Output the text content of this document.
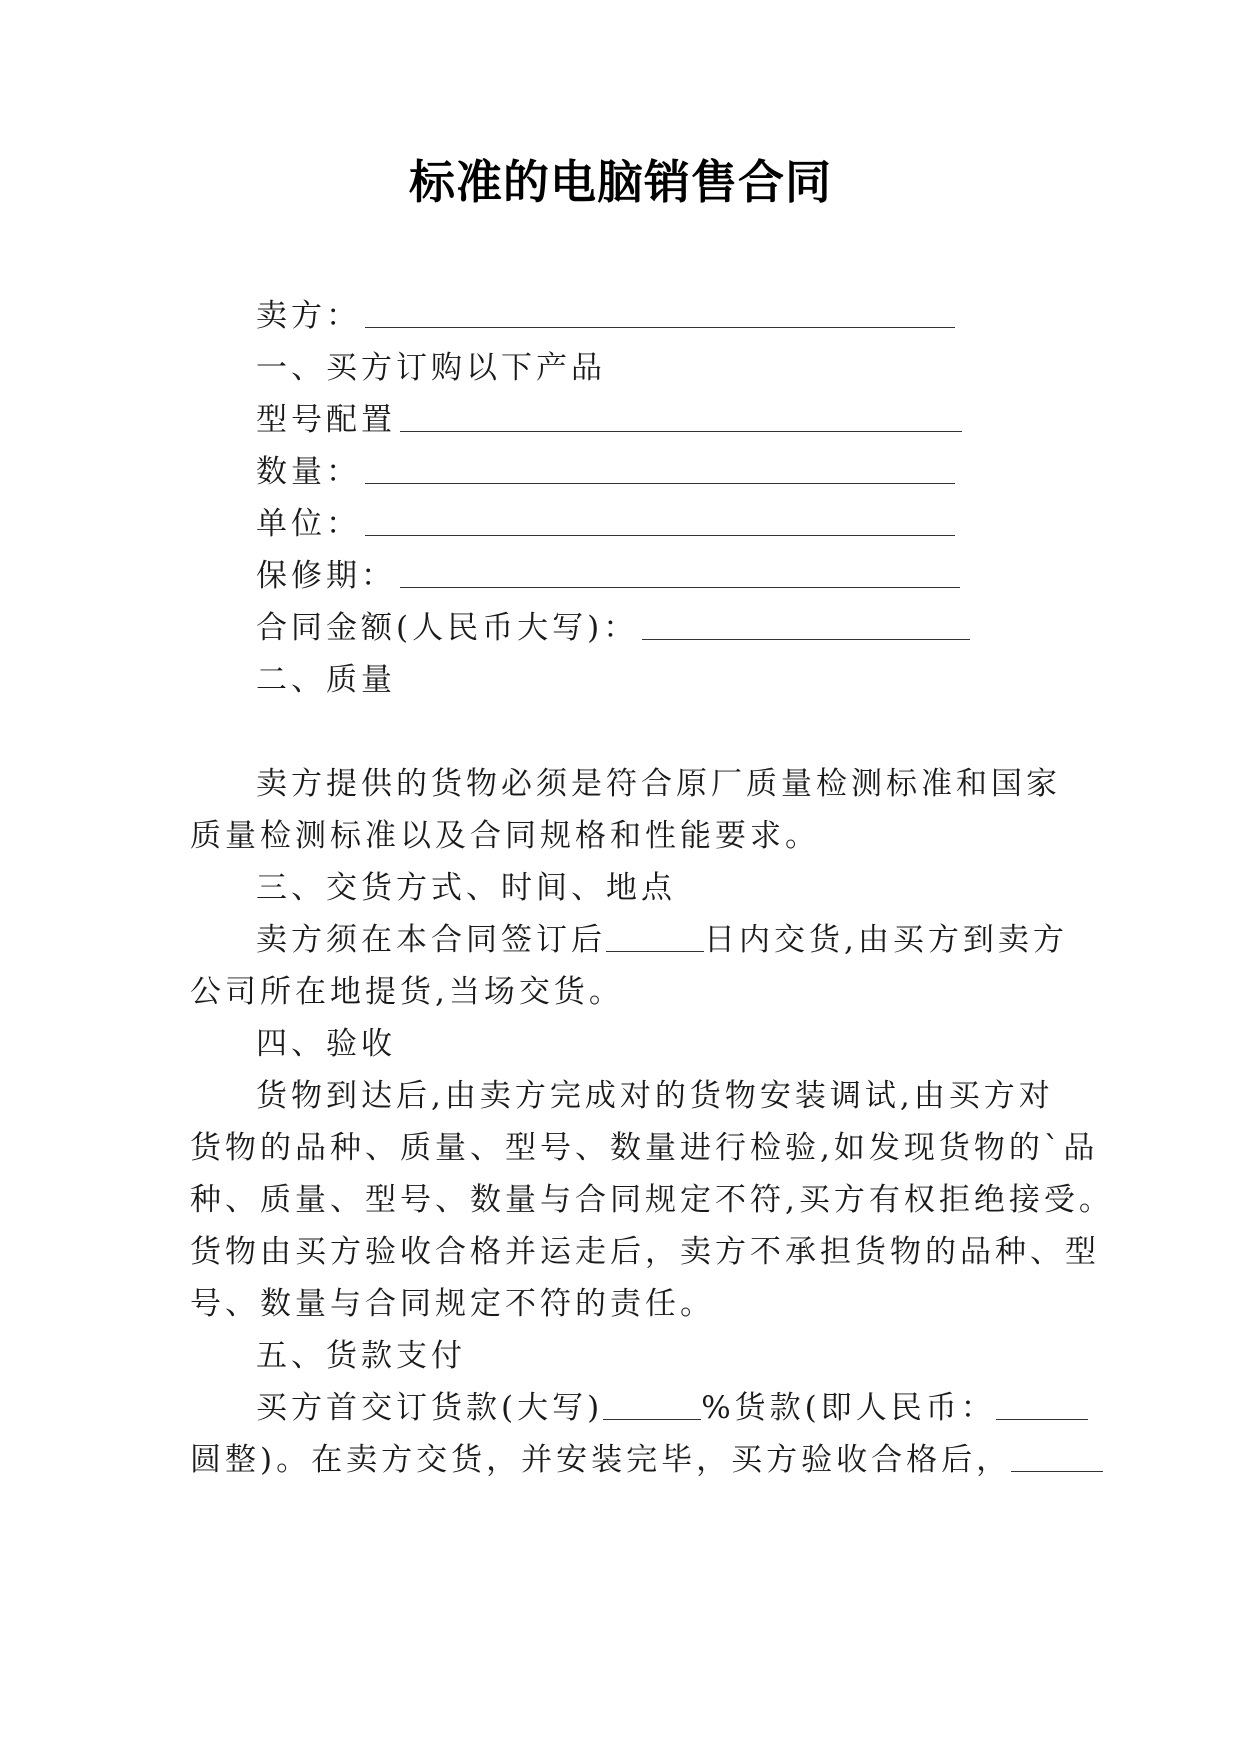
标准的电脑销售合同
卖方：
一、买方订购以下产品
型号配置
数量：
单位：
保修期：
合同金额(人民币大写)：
二、质量
卖方提供的货物必须是符合原厂质量检测标准和国家
质量检测标准以及合同规格和性能要求。
三、交货方式、时间、地点
卖方须在本合同签订后	日内交货,由买方到卖方
公司所在地提货,当场交货。
四、验收
货物到达后,由卖方完成对的货物安装调试,由买方对
货物的品种、质量、型号、数量进行检验,如发现货物的`品
种、质量、型号、数量与合同规定不符,买方有权拒绝接受。
货物由买方验收合格并运走后，卖方不承担货物的品种、型
号、数量与合同规定不符的责任。
五、货款支付
买方首交订货款(大写)	%货款(即人民币：
圆整)。在卖方交货，并安装完毕，买方验收合格后，
